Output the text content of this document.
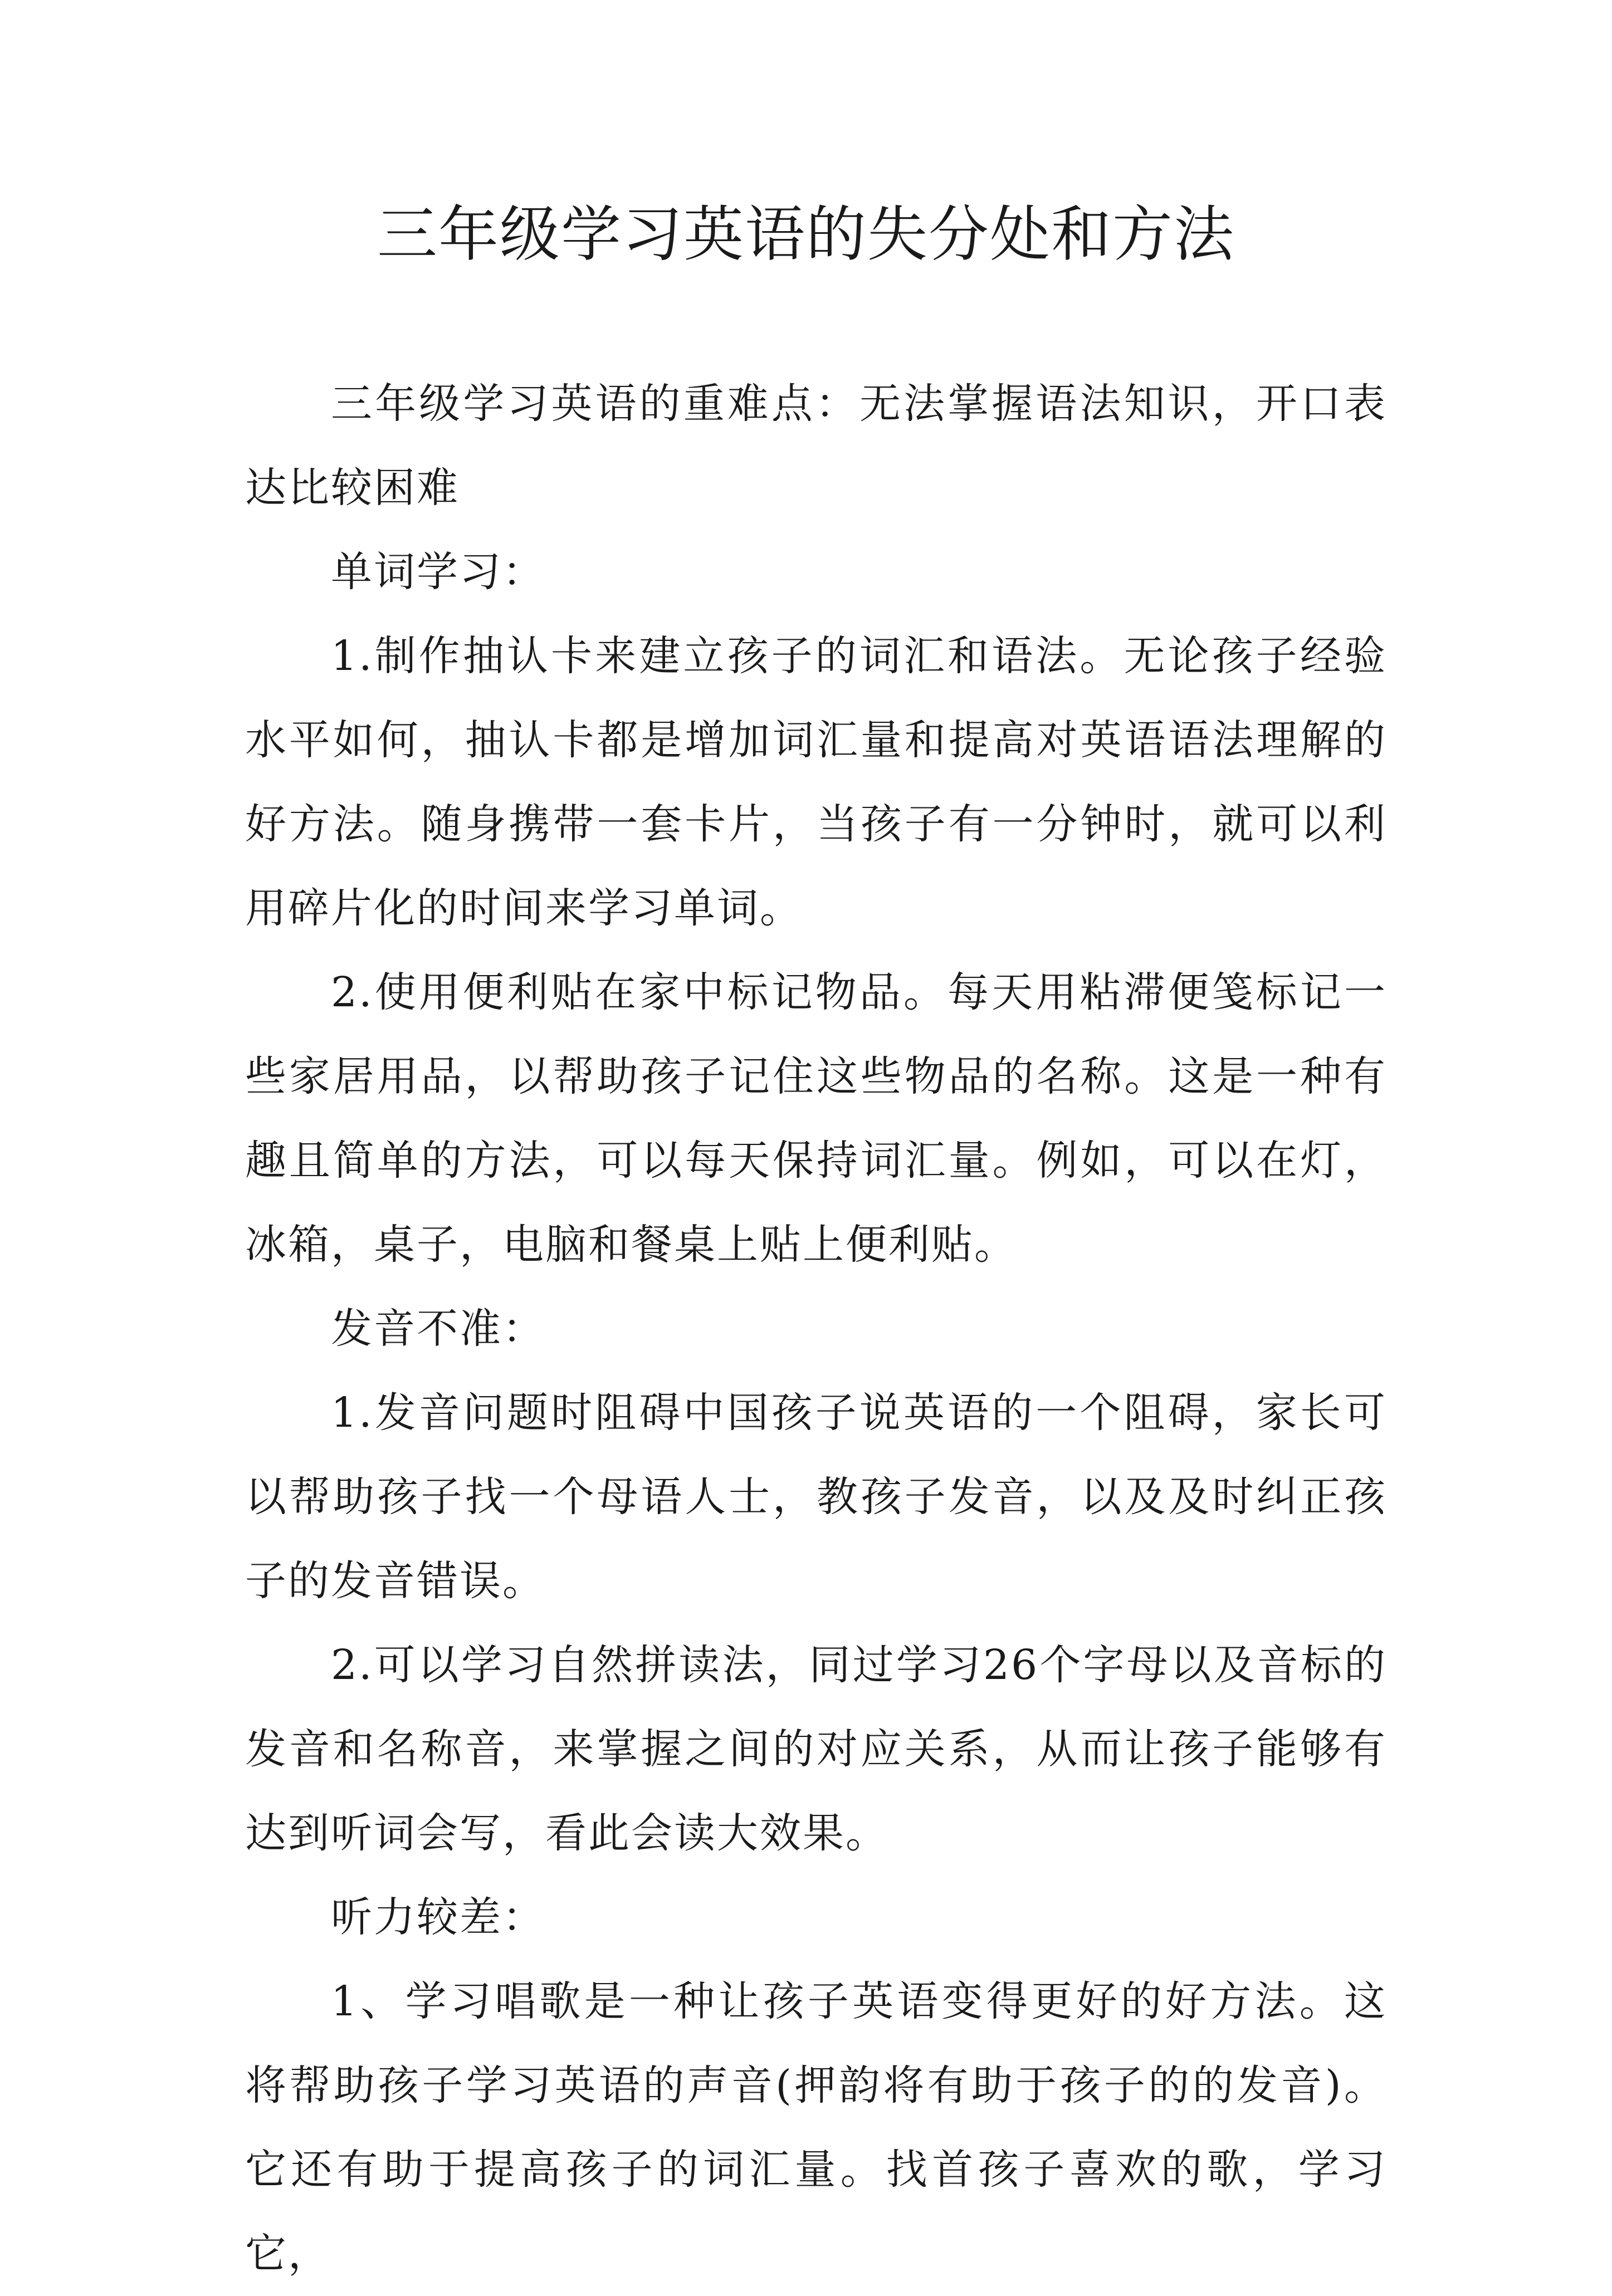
三年级学习英语的失分处和方法

三年级学习英语的重难点：无法掌握语法知识，开口表达比较困难

单词学习：

1.制作抽认卡来建立孩子的词汇和语法。无论孩子经验水平如何，抽认卡都是增加词汇量和提高对英语语法理解的好方法。随身携带一套卡片，当孩子有一分钟时，就可以利用碎片化的时间来学习单词。

2.使用便利贴在家中标记物品。每天用粘滞便笺标记一些家居用品，以帮助孩子记住这些物品的名称。这是一种有趣且简单的方法，可以每天保持词汇量。例如，可以在灯，冰箱，桌子，电脑和餐桌上贴上便利贴。

发音不准：

1.发音问题时阻碍中国孩子说英语的一个阻碍，家长可以帮助孩子找一个母语人士，教孩子发音，以及及时纠正孩子的发音错误。

2.可以学习自然拼读法，同过学习26个字母以及音标的发音和名称音，来掌握之间的对应关系，从而让孩子能够有达到听词会写，看此会读大效果。

听力较差：

1、学习唱歌是一种让孩子英语变得更好的好方法。这将帮助孩子学习英语的声音(押韵将有助于孩子的的发音)。它还有助于提高孩子的词汇量。找首孩子喜欢的歌，学习它，
